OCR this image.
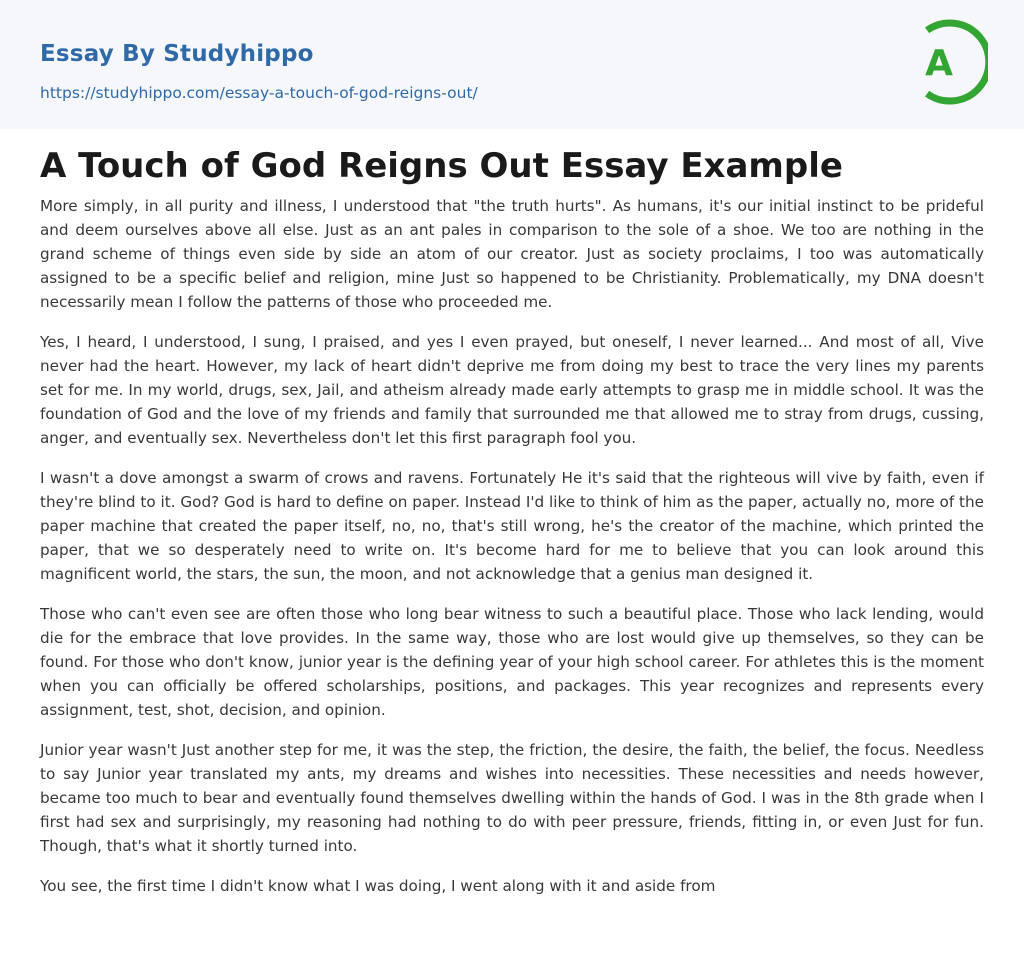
Essay By Studyhippo
https://studyhippo.com/essay-a-touch-of-god-reigns-out/
A
A Touch of God Reigns Out Essay Example

More simply, in all purity and illness, I understood that "the truth hurts". As humans, it's our initial instinct to be prideful and deem ourselves above all else. Just as an ant pales in comparison to the sole of a shoe. We too are nothing in the grand scheme of things even side by side an atom of our creator. Just as society proclaims, I too was automatically assigned to be a specific belief and religion, mine Just so happened to be Christianity. Problematically, my DNA doesn't necessarily mean I follow the patterns of those who proceeded me.

Yes, I heard, I understood, I sung, I praised, and yes I even prayed, but oneself, I never learned... And most of all, Vive never had the heart. However, my lack of heart didn't deprive me from doing my best to trace the very lines my parents set for me. In my world, drugs, sex, Jail, and atheism already made early attempts to grasp me in middle school. It was the foundation of God and the love of my friends and family that surrounded me that allowed me to stray from drugs, cussing, anger, and eventually sex. Nevertheless don't let this first paragraph fool you.

I wasn't a dove amongst a swarm of crows and ravens. Fortunately He it's said that the righteous will vive by faith, even if they're blind to it. God? God is hard to define on paper. Instead I'd like to think of him as the paper, actually no, more of the paper machine that created the paper itself, no, no, that's still wrong, he's the creator of the machine, which printed the paper, that we so desperately need to write on. It's become hard for me to believe that you can look around this magnificent world, the stars, the sun, the moon, and not acknowledge that a genius man designed it.

Those who can't even see are often those who long bear witness to such a beautiful place. Those who lack lending, would die for the embrace that love provides. In the same way, those who are lost would give up themselves, so they can be found. For those who don't know, junior year is the defining year of your high school career. For athletes this is the moment when you can officially be offered scholarships, positions, and packages. This year recognizes and represents every assignment, test, shot, decision, and opinion.

Junior year wasn't Just another step for me, it was the step, the friction, the desire, the faith, the belief, the focus. Needless to say Junior year translated my ants, my dreams and wishes into necessities. These necessities and needs however, became too much to bear and eventually found themselves dwelling within the hands of God. I was in the 8th grade when I first had sex and surprisingly, my reasoning had nothing to do with peer pressure, friends, fitting in, or even Just for fun. Though, that's what it shortly turned into.

You see, the first time I didn't know what I was doing, I went along with it and aside from
